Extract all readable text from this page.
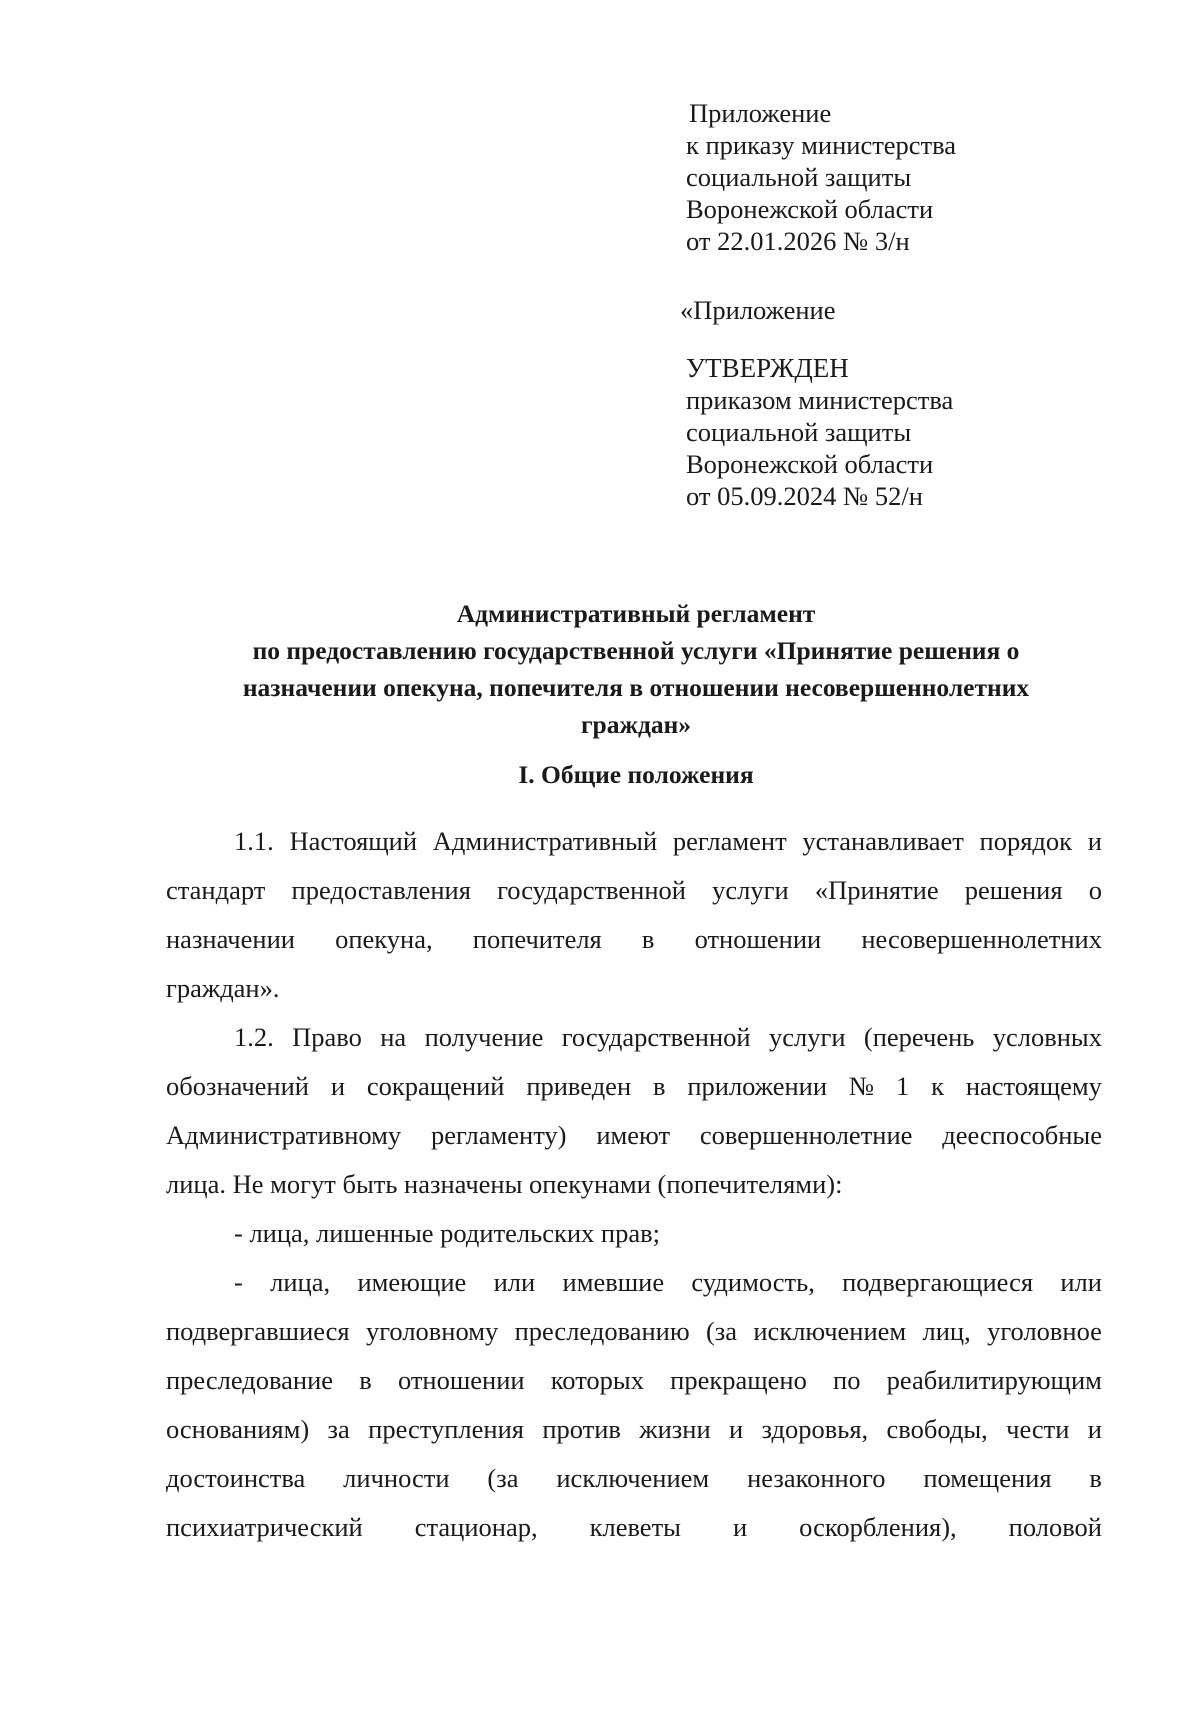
Приложение
к приказу министерства
социальной защиты
Воронежской области
от 22.01.2026 № 3/н
«Приложение
УТВЕРЖДЕН
приказом министерства
социальной защиты
Воронежской области
от 05.09.2024 № 52/н
Административный регламент
по предоставлению государственной услуги «Принятие решения о
назначении опекуна, попечителя в отношении несовершеннолетних
граждан»
I. Общие положения
1.1. Настоящий Административный регламент устанавливает порядок и
стандарт предоставления государственной услуги «Принятие решения о
назначении опекуна, попечителя в отношении несовершеннолетних
граждан».
1.2. Право на получение государственной услуги (перечень условных
обозначений и сокращений приведен в приложении № 1 к настоящему
Административному регламенту) имеют совершеннолетние дееспособные
лица. Не могут быть назначены опекунами (попечителями):
- лица, лишенные родительских прав;
- лица, имеющие или имевшие судимость, подвергающиеся или
подвергавшиеся уголовному преследованию (за исключением лиц, уголовное
преследование в отношении которых прекращено по реабилитирующим
основаниям) за преступления против жизни и здоровья, свободы, чести и
достоинства личности (за исключением незаконного помещения в
психиатрический стационар, клеветы и оскорбления), половой
